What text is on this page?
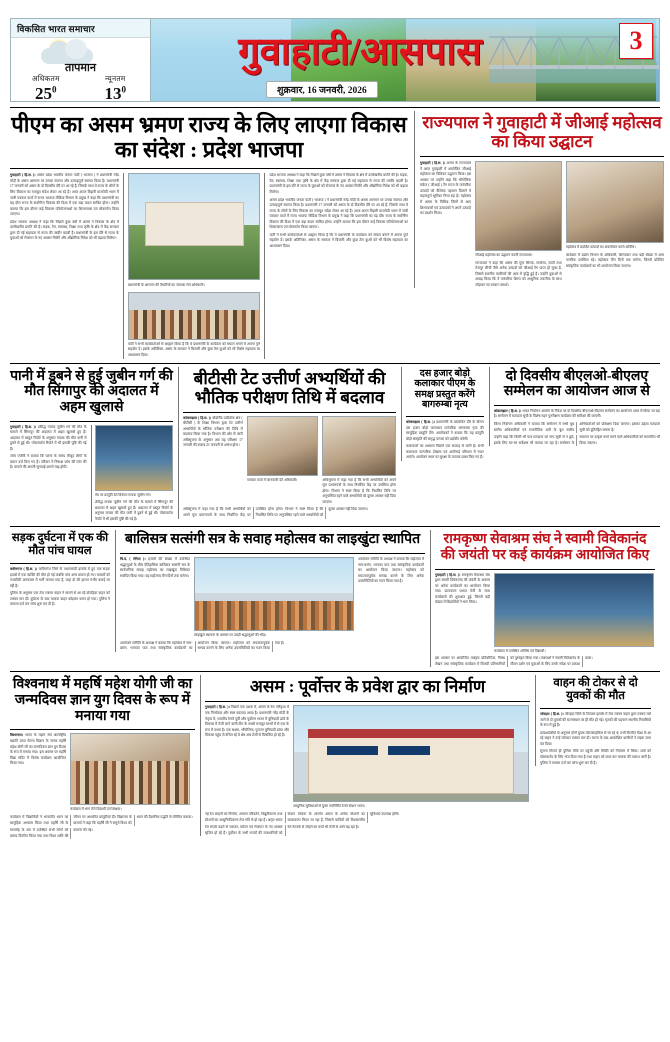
विकसित भारत समाचार
तापमान
अधिकतम
$25^0$
न्यूनतम
$13^0$
गुवाहाटी/आसपास
शुक्रवार, 16 जनवरी, 2026
3
पीएम का असम भ्रमण राज्य के लिए लाएगा विकास का संदेश : प्रदेश भाजपा
गुवाहाटी ( हि.स. )। असम प्रदेश भारतीय जनता पार्टी ( भाजपा ) ने प्रधानमंत्री नरेंद्र मोदी के असम आगमन पर उनका स्वागत और उत्साहपूर्ण स्वागत किया है। प्रधानमंत्री 17 जनवरी को असम के दो दिवसीय दौरे पर आ रहे हैं, जिसके साथ ये राज्य के लोगों के लिए विकास का मजबूत संदेश लेकर आ रहे हैं। आज अटल बिहारी वाजपेयी भवन में जारी पत्रकार वार्ता में राज्य भाजपा मीडिया विभाग के प्रमुख ने कहा कि प्रधानमंत्री का यह दौरा राज्य के सर्वांगीण विकास की दिशा में एक बड़ा कदम साबित होगा। उन्होंने बताया कि इस दौरान कई विकास परियोजनाओं का शिलान्यास एवं लोकार्पण किया जाएगा।
प्रदेश भाजपा अध्यक्ष ने कहा कि पिछले कुछ वर्षों में असम ने विकास के क्षेत्र में उल्लेखनीय प्रगति की है। सड़क, रेल, स्वास्थ्य, शिक्षा तथा कृषि के क्षेत्र में केंद्र सरकार द्वारा दी गई सहायता से राज्य की तस्वीर बदली है। प्रधानमंत्री के इस दौरे से राज्य के युवाओं को रोजगार के नए अवसर मिलेंगे और औद्योगिक निवेश को भी बढ़ावा मिलेगा।
प्रधानमंत्री के आगमन की तैयारियों का जायजा लेते अधिकारी।
पार्टी ने सभी कार्यकर्ताओं से आह्वान किया है कि वे प्रधानमंत्री के कार्यक्रम को सफल बनाने में अपना पूर्ण सहयोग दें। इसके अतिरिक्त, असम के सरकार ने बिजली और कुछ तेल कुओं को भी विशेष सहायता का आश्वासन दिया।
प्रदेश भाजपा अध्यक्ष ने कहा कि पिछले कुछ वर्षों में असम ने विकास के क्षेत्र में उल्लेखनीय प्रगति की है। सड़क, रेल, स्वास्थ्य, शिक्षा तथा कृषि के क्षेत्र में केंद्र सरकार द्वारा दी गई सहायता से राज्य की तस्वीर बदली है। प्रधानमंत्री के इस दौरे से राज्य के युवाओं को रोजगार के नए अवसर मिलेंगे और औद्योगिक निवेश को भी बढ़ावा मिलेगा।
असम प्रदेश भारतीय जनता पार्टी ( भाजपा ) ने प्रधानमंत्री नरेंद्र मोदी के असम आगमन पर उनका स्वागत और उत्साहपूर्ण स्वागत किया है। प्रधानमंत्री 17 जनवरी को असम के दो दिवसीय दौरे पर आ रहे हैं, जिसके साथ ये राज्य के लोगों के लिए विकास का मजबूत संदेश लेकर आ रहे हैं। आज अटल बिहारी वाजपेयी भवन में जारी पत्रकार वार्ता में राज्य भाजपा मीडिया विभाग के प्रमुख ने कहा कि प्रधानमंत्री का यह दौरा राज्य के सर्वांगीण विकास की दिशा में एक बड़ा कदम साबित होगा। उन्होंने बताया कि इस दौरान कई विकास परियोजनाओं का शिलान्यास एवं लोकार्पण किया जाएगा।
पार्टी ने सभी कार्यकर्ताओं से आह्वान किया है कि वे प्रधानमंत्री के कार्यक्रम को सफल बनाने में अपना पूर्ण सहयोग दें। इसके अतिरिक्त, असम के सरकार ने बिजली और कुछ तेल कुओं को भी विशेष सहायता का आश्वासन दिया।
राज्यपाल ने गुवाहाटी में जीआई महोत्सव का किया उद्घाटन
गुवाहाटी ( हि.स. )। असम के राज्यपाल ने आज गुवाहाटी में आयोजित जीआई महोत्सव का विधिवत उद्घाटन किया। इस अवसर पर उन्होंने कहा कि भौगोलिक संकेत ( जीआई ) टैग राज्य के पारंपरिक उत्पादों को वैश्विक पहचान दिलाने में महत्वपूर्ण भूमिका निभा रहा है। महोत्सव में असम के विभिन्न जिलों से आए शिल्पकारों एवं उत्पादकों ने अपने उत्पादों का प्रदर्शन किया।
जीआई महोत्सव का उद्घाटन करतीं राज्यपाल।
राज्यपाल ने कहा कि असम की मुगा सिल्क, गामोसा, जापी तथा तेजपुर लीची जैसे अनेक उत्पादों को जीआई टैग प्राप्त हो चुका है, जिससे स्थानीय कारीगरों की आय में वृद्धि हुई है। उन्होंने युवाओं से आग्रह किया कि वे पारंपरिक शिल्प को आधुनिक तकनीक के साथ जोड़कर नए बाजार तलाशें।
महोत्सव में प्रदर्शित उत्पादों का अवलोकन करते अतिथि।
कार्यक्रम में उद्योग विभाग के अधिकारी, शिल्पकार तथा बड़ी संख्या में आम नागरिक उपस्थित रहे। महोत्सव तीन दिनों तक चलेगा, जिसमें प्रतिदिन सांस्कृतिक कार्यक्रमों का भी आयोजन किया जाएगा।
पानी में डूबने से हुई जुबीन गर्ग की मौत सिंगापुर की अदालत में अहम खुलासे
गुवाहाटी ( हि.स. )। प्रसिद्ध गायक जुबीन गर्ग की मौत के मामले में सिंगापुर की अदालत में अहम खुलासे हुए हैं। अदालत में प्रस्तुत रिपोर्ट के अनुसार गायक की मौत पानी में डूबने से हुई थी। पोस्टमार्टम रिपोर्ट में भी इसकी पुष्टि की गई है।
जांच एजेंसी ने बताया कि घटना के समय मौजूद लोगों के बयान दर्ज किए गए हैं। परिवार ने निष्पक्ष जांच की मांग की है। मामले की अगली सुनवाई अगले माह होगी।
मंच पर प्रस्तुति देते दिवंगत गायक जुबीन गर्ग।
प्रसिद्ध गायक जुबीन गर्ग की मौत के मामले में सिंगापुर की अदालत में अहम खुलासे हुए हैं। अदालत में प्रस्तुत रिपोर्ट के अनुसार गायक की मौत पानी में डूबने से हुई थी। पोस्टमार्टम रिपोर्ट में भी इसकी पुष्टि की गई है।
बीटीसी टेट उत्तीर्ण अभ्यर्थियों की भौतिक परीक्षण तिथि में बदलाव
कोकराझार ( हि.स. )। बोडोलैंड प्रादेशिक क्षेत्र ( बीटीसी ) के शिक्षा विभाग द्वारा टेट उत्तीर्ण अभ्यर्थियों के भौतिक परीक्षण की तिथि में बदलाव किया गया है। विभाग की ओर से जारी अधिसूचना के अनुसार अब यह परीक्षण 17 जनवरी की बजाय 21 जनवरी से आरंभ होगा।
पत्रकार वार्ता में जानकारी देते अधिकारी।	अधिसूचना में कहा गया है कि सभी अभ्यर्थियों को अपने मूल प्रमाणपत्रों के साथ निर्धारित केंद्र पर उपस्थित होना होगा। विभाग ने स्पष्ट किया है कि निर्धारित तिथि पर अनुपस्थित रहने वाले अभ्यर्थियों को दूसरा अवसर नहीं दिया जाएगा।
अधिसूचना में कहा गया है कि सभी अभ्यर्थियों को अपने मूल प्रमाणपत्रों के साथ निर्धारित केंद्र पर उपस्थित होना होगा। विभाग ने स्पष्ट किया है कि निर्धारित तिथि पर अनुपस्थित रहने वाले अभ्यर्थियों को दूसरा अवसर नहीं दिया जाएगा।
दस हजार बोड़ो कलाकार पीएम के समक्ष प्रस्तुत करेंगे बागरुम्बा नृत्य
कोकराझार ( हि.स. )। प्रधानमंत्री के प्रस्तावित दौरे के दौरान दस हजार बोड़ो कलाकार पारंपरिक बागरुम्बा नृत्य की सामूहिक प्रस्तुति देंगे। आयोजकों ने बताया कि यह प्रस्तुति बोड़ो संस्कृति की समृद्ध परंपरा को प्रदर्शित करेगी।
कलाकारों का अभ्यास पिछले एक सप्ताह से जारी है। सभी कलाकार पारंपरिक डोखना एवं आरोनाई परिधान में नजर आएंगे। आयोजन स्थल पर सुरक्षा के व्यापक प्रबंध किए गए हैं।
दो दिवसीय बीएलओ-बीएलए सम्मेलन का आयोजन आज से
कोकराझार ( हि.स. )। भारत निर्वाचन आयोग के निर्देश पर दो दिवसीय बीएलओ-बीएलए सम्मेलन का आयोजन आज से किया जा रहा है। सम्मेलन में मतदाता सूची के विशेष गहन पुनरीक्षण कार्यक्रम की समीक्षा की जाएगी।
जिला निर्वाचन अधिकारी ने बताया कि सम्मेलन में सभी बूथ स्तरीय अधिकारियों एवं राजनीतिक दलों के बूथ स्तरीय अभिकर्ताओं को प्रशिक्षण दिया जाएगा। इसका उद्देश्य मतदाता सूची को त्रुटिरहित बनाना है।
उन्होंने कहा कि किसी भी पात्र मतदाता का नाम सूची से न छूटे, इसके लिए घर-घर सर्वेक्षण भी कराया जा रहा है। सम्मेलन के समापन पर उत्कृष्ट कार्य करने वाले अधिकारियों को सम्मानित भी किया जाएगा।
सड़क दुर्घटना में एक की मौत पांच घायल
करीमगंज ( हि.स. )। करीमगंज जिले के पथारकांदी इलाके में हुए एक सड़क हादसे में एक व्यक्ति की मौत हो गई जबकि पांच अन्य घायल हो गए। घायलों को नजदीकी अस्पताल में भर्ती कराया गया है, जहां दो की हालत गंभीर बताई जा रही है।
पुलिस के अनुसार एक तेज रफ्तार वाहन ने सामने से आ रहे दोपहिया वाहन को टक्कर मार दी। दुर्घटना के बाद चालक वाहन छोड़कर फरार हो गया। पुलिस ने मामला दर्ज कर जांच शुरू कर दी है।
बालिसत्र सत्संगी सत्र के सवाह महोत्सव का लाइखुंटा स्थापित
चि.दं. ( रंगिया )। हजारों की संख्या में उपस्थित श्रद्धालुओं के बीच ऐतिहासिक बालिसत्र सत्संगी सत्र के सार्वजनिक सवाह महोत्सव का लाइखुंटा विधिवत स्थापित किया गया। यह महोत्सव तीन दिनों तक चलेगा।
लाइखुंटा स्थापना के अवसर पर उमड़ी श्रद्धालुओं की भीड़।
आयोजन समिति के अध्यक्ष ने बताया कि महोत्सव में नाम-प्रसंग, भागवत पाठ तथा सांस्कृतिक कार्यक्रमों का आयोजन किया जाएगा। महोत्सव को सफलतापूर्वक सम्पन्न कराने के लिए अनेक उपसमितियों का गठन किया गया है।
आयोजन समिति के अध्यक्ष ने बताया कि महोत्सव में नाम-प्रसंग, भागवत पाठ तथा सांस्कृतिक कार्यक्रमों का आयोजन किया जाएगा। महोत्सव को सफलतापूर्वक सम्पन्न कराने के लिए अनेक उपसमितियों का गठन किया गया है।
रामकृष्ण सेवाश्रम संघ ने स्वामी विवेकानंद की जयंती पर कई कार्यक्रम आयोजित किए
गुवाहाटी ( हि.स. )। रामकृष्ण सेवाश्रम संघ द्वारा स्वामी विवेकानंद की जयंती के अवसर पर अनेक कार्यक्रमों का आयोजन किया गया। प्रातःकाल प्रभात फेरी के साथ कार्यक्रमों की शुरुआत हुई, जिसमें बड़ी संख्या में विद्यार्थियों ने भाग लिया।
कार्यक्रम में उपस्थित अतिथि एवं विद्यार्थी।
इस अवसर पर आयोजित वक्तृत्व प्रतियोगिता, निबंध लेखन तथा सांस्कृतिक कार्यक्रम में विजयी प्रतिभागियों को पुरस्कृत किया गया। वक्ताओं ने स्वामी विवेकानंद के जीवन दर्शन एवं युवाओं के लिए उनके संदेश पर प्रकाश डाला।
विश्वनाथ में महर्षि महेश योगी जी का जन्मदिवस ज्ञान युग दिवस के रूप में मनाया गया
विश्वनाथ। भारत के महान संत अंतर्राष्ट्रीय ख्याति प्राप्त चेतना विज्ञान के जनक महर्षि महेश योगी जी का जन्मदिवस ज्ञान युग दिवस के रूप में मनाया गया। इस अवसर पर महर्षि विद्या मंदिर में विशेष कार्यक्रम आयोजित किया गया।
कार्यक्रम में भाग लेते विद्यार्थी एवं शिक्षक।
कार्यक्रम में विद्यार्थियों ने भावातीत ध्यान का सामूहिक अभ्यास किया तथा महर्षि जी के जीवन पर आधारित प्रस्तुतियां दीं। विद्यालय के प्राचार्य ने कहा कि महर्षि जी ने समूचे विश्व को ध्यान की वैज्ञानिक पद्धति से परिचित कराया।
समारोह के अंत में उपस्थित सभी लोगों को प्रसाद वितरित किया गया तथा विश्व शांति की कामना की गई।
असम : पूर्वोत्तर के प्रवेश द्वार का निर्माण
गुवाहाटी ( हि.स. )। पिछले एक दशक में, असम के रेल परिदृश्य में एक निर्णायक और स्पष्ट बदलाव आया है। प्रधानमंत्री नरेंद्र मोदी के नेतृत्व में, भारतीय रेलवे पूर्वी और पूर्वोत्तर भारत में बुनियादी ढांचे के विकास में तेजी लाने वाली टीम के सबसे मजबूत स्तंभों में से एक के रूप में उभरा है। एक सक्षम, भौगोलिक, पुरातन बुनियादी ढांचा और विकास पहुंच से वंचित रहे ये क्षेत्र अब तेजी से विकसित हो रहे हैं।
आधुनिक सुविधाओं से युक्त नवनिर्मित रेलवे स्टेशन भवन।
नई रेल लाइनों का निर्माण, आमान परिवर्तन, विद्युतीकरण तथा स्टेशनों का आधुनिकीकरण तेज गति से हो रहा है। अमृत भारत स्टेशन योजना के अंतर्गत असम के अनेक स्टेशनों का कायाकल्प किया जा रहा है, जिससे यात्रियों को विश्वस्तरीय सुविधाएं उपलब्ध होंगी।
रेल संपर्क बढ़ने से व्यापार, पर्यटन एवं रोजगार के नए अवसर सृजित हो रहे हैं। पूर्वोत्तर के सभी राज्यों की राजधानियों को रेल नेटवर्क से जोड़ने का कार्य भी तेजी से आगे बढ़ रहा है।
वाहन की टोकर से दो युवकों की मौत
जोरहाट ( हि.स. )। जोरहाट जिले के टिटाबर इलाके में तेज रफ्तार वाहन द्वारा टक्कर मारे जाने से दो युवकों की घटनास्थल पर ही मौत हो गई। मृतकों की पहचान स्थानीय निवासियों के रूप में हुई है।
प्रत्यक्षदर्शियों के अनुसार दोनों युवक मोटरसाइकिल से जा रहे थे, तभी विपरीत दिशा से आ रहे वाहन ने उन्हें जोरदार टक्कर मार दी। घटना के बाद आक्रोशित ग्रामीणों ने सड़क जाम कर दिया।
सूचना मिलते ही पुलिस मौके पर पहुंची और स्थिति को नियंत्रण में लिया। शवों को पोस्टमार्टम के लिए भेज दिया गया है तथा वाहन को जब्त कर चालक की तलाश जारी है। पुलिस ने मामला दर्ज कर जांच शुरू कर दी है।
